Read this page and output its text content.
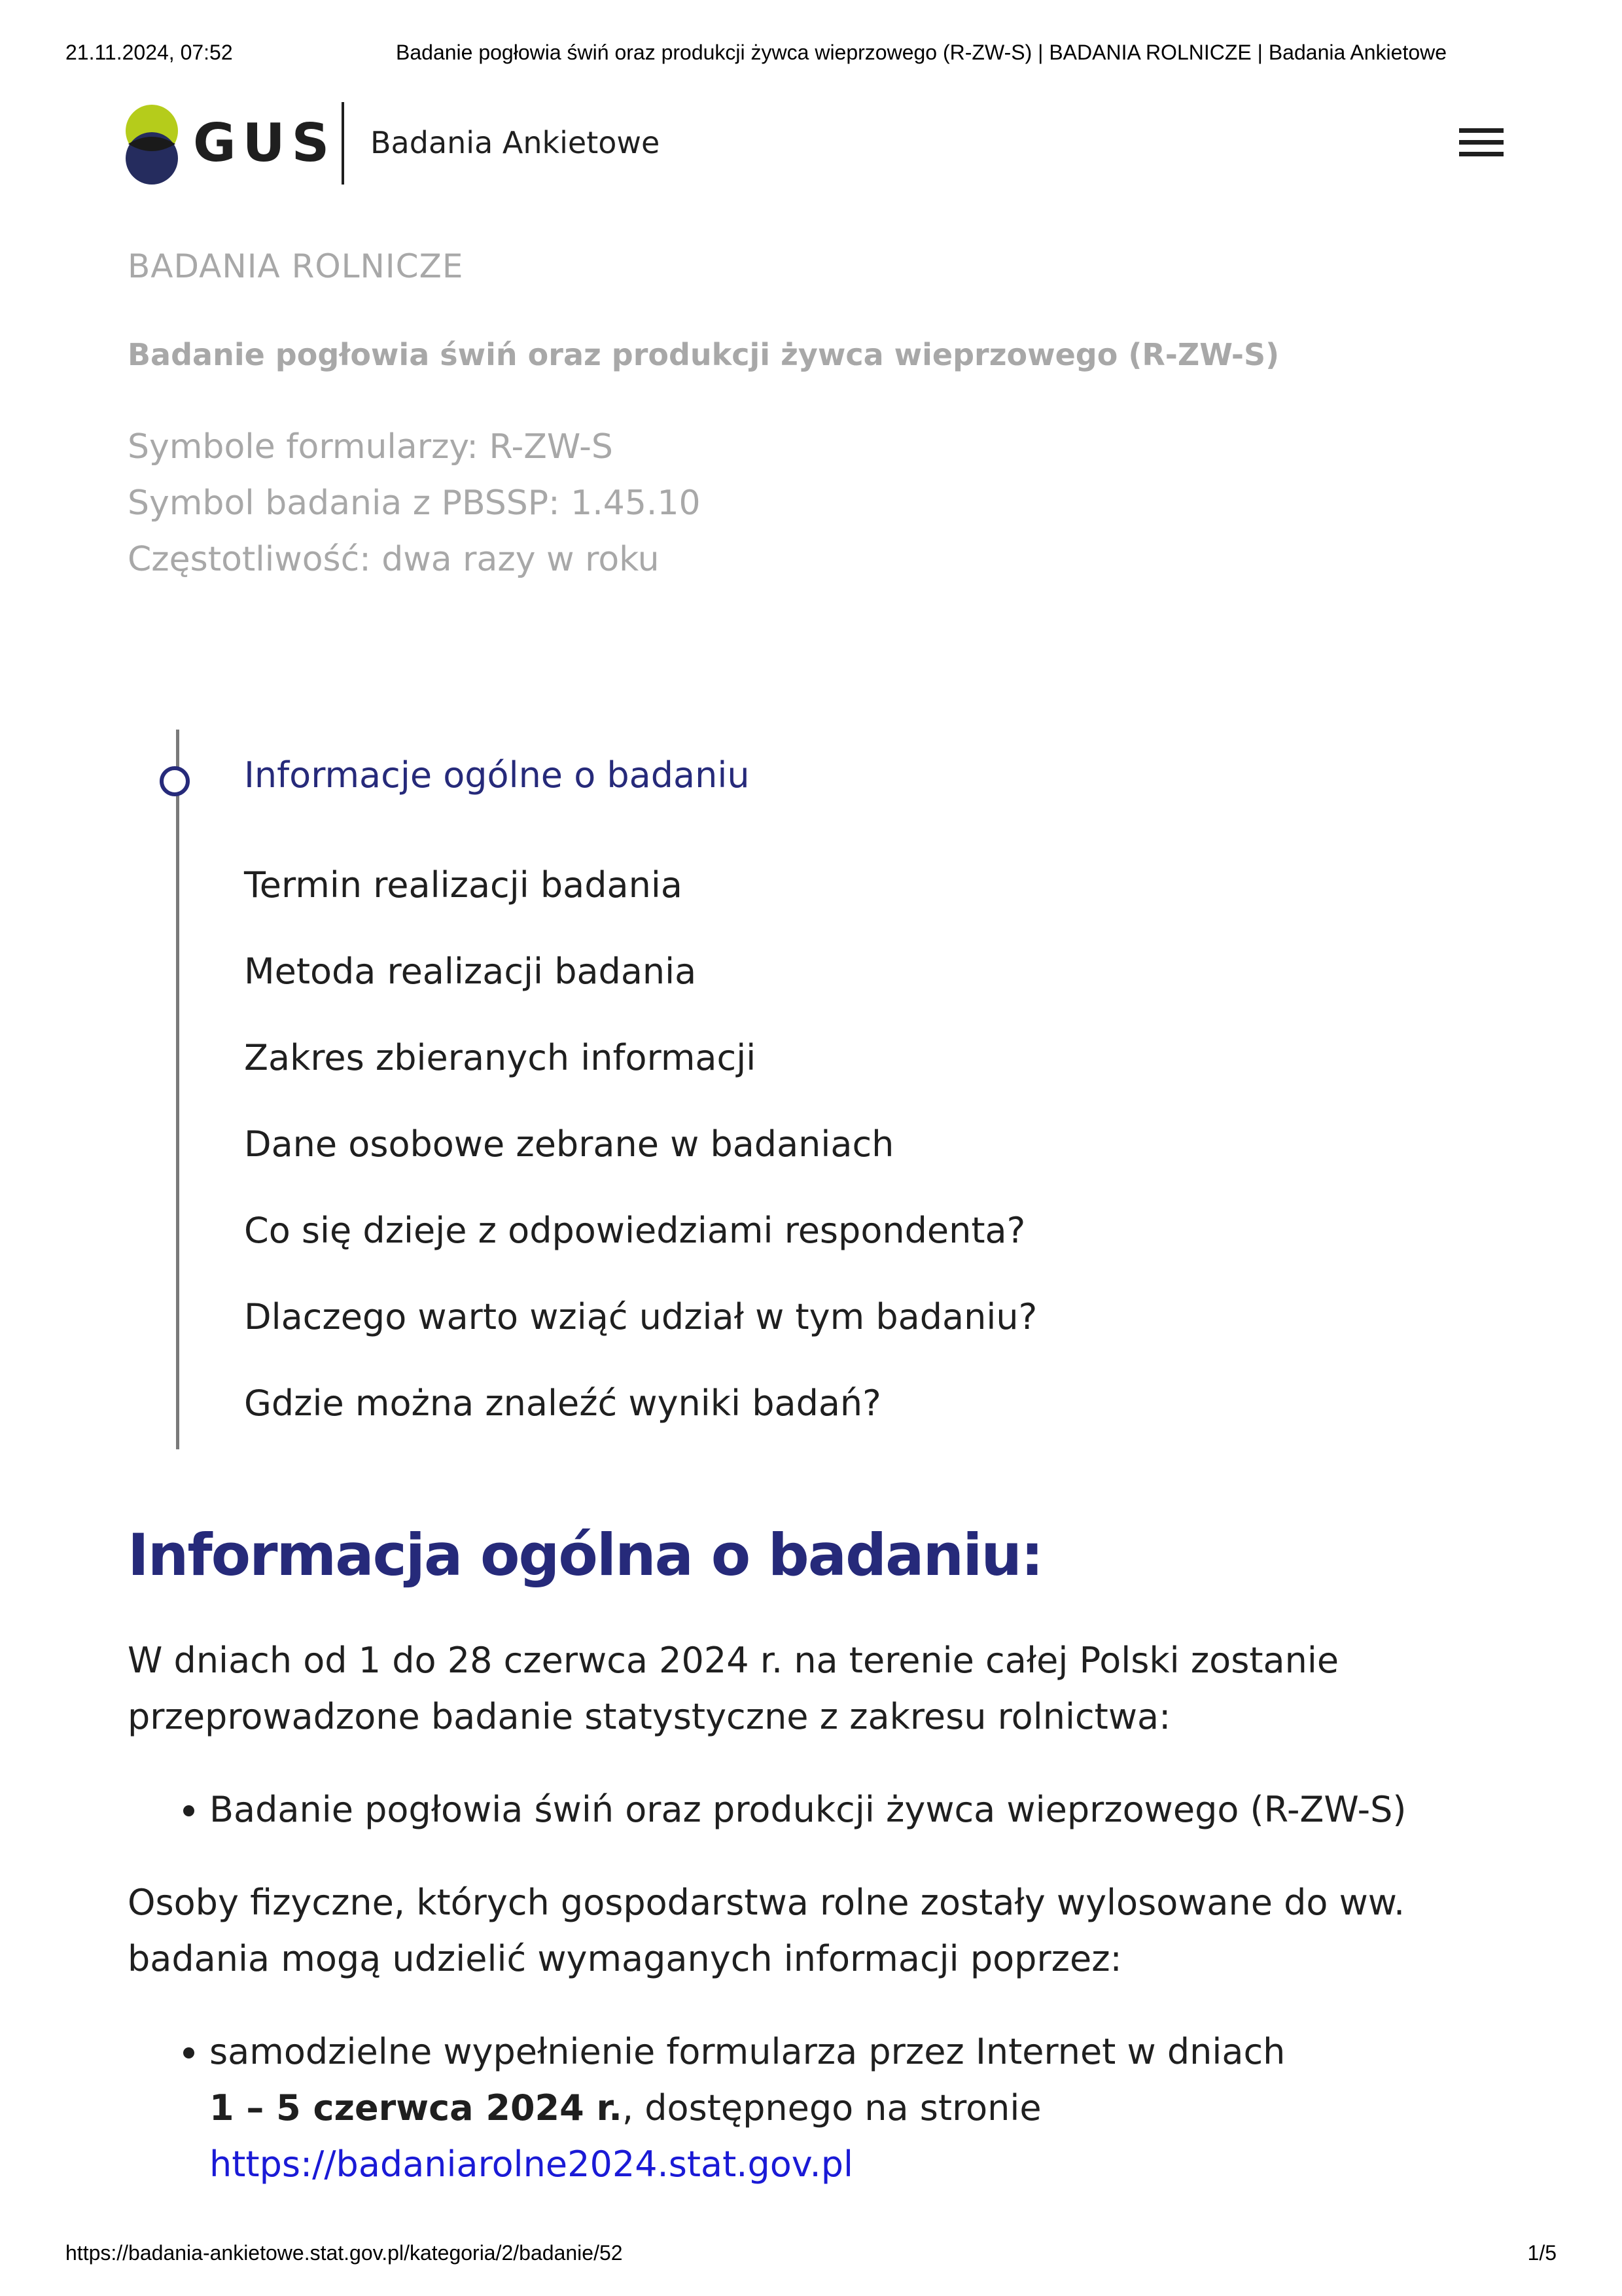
21.11.2024, 07:52	Badanie pogłowia świń oraz produkcji żywca wieprzowego (R-ZW-S) | BADANIA ROLNICZE | Badania Ankietowe
GUS Badania Ankietowe
BADANIA ROLNICZE
Badanie pogłowia świń oraz produkcji żywca wieprzowego (R-ZW-S)
Symbole formularzy: R-ZW-S
Symbol badania z PBSSP: 1.45.10
Częstotliwość: dwa razy w roku
Informacje ogólne o badaniu
Termin realizacji badania
Metoda realizacji badania
Zakres zbieranych informacji
Dane osobowe zebrane w badaniach
Co się dzieje z odpowiedziami respondenta?
Dlaczego warto wziąć udział w tym badaniu?
Gdzie można znaleźć wyniki badań?
Informacja ogólna o badaniu:

W dniach od 1 do 28 czerwca 2024 r. na terenie całej Polski zostanie przeprowadzone badanie statystyczne z zakresu rolnictwa:

• Badanie pogłowia świń oraz produkcji żywca wieprzowego (R-ZW-S)

Osoby fizyczne, których gospodarstwa rolne zostały wylosowane do ww. badania mogą udzielić wymaganych informacji poprzez:

• samodzielne wypełnienie formularza przez Internet w dniach
1 – 5 czerwca 2024 r., dostępnego na stronie
https://badaniarolne2024.stat.gov.pl
https://badania-ankietowe.stat.gov.pl/kategoria/2/badanie/52	1/5
